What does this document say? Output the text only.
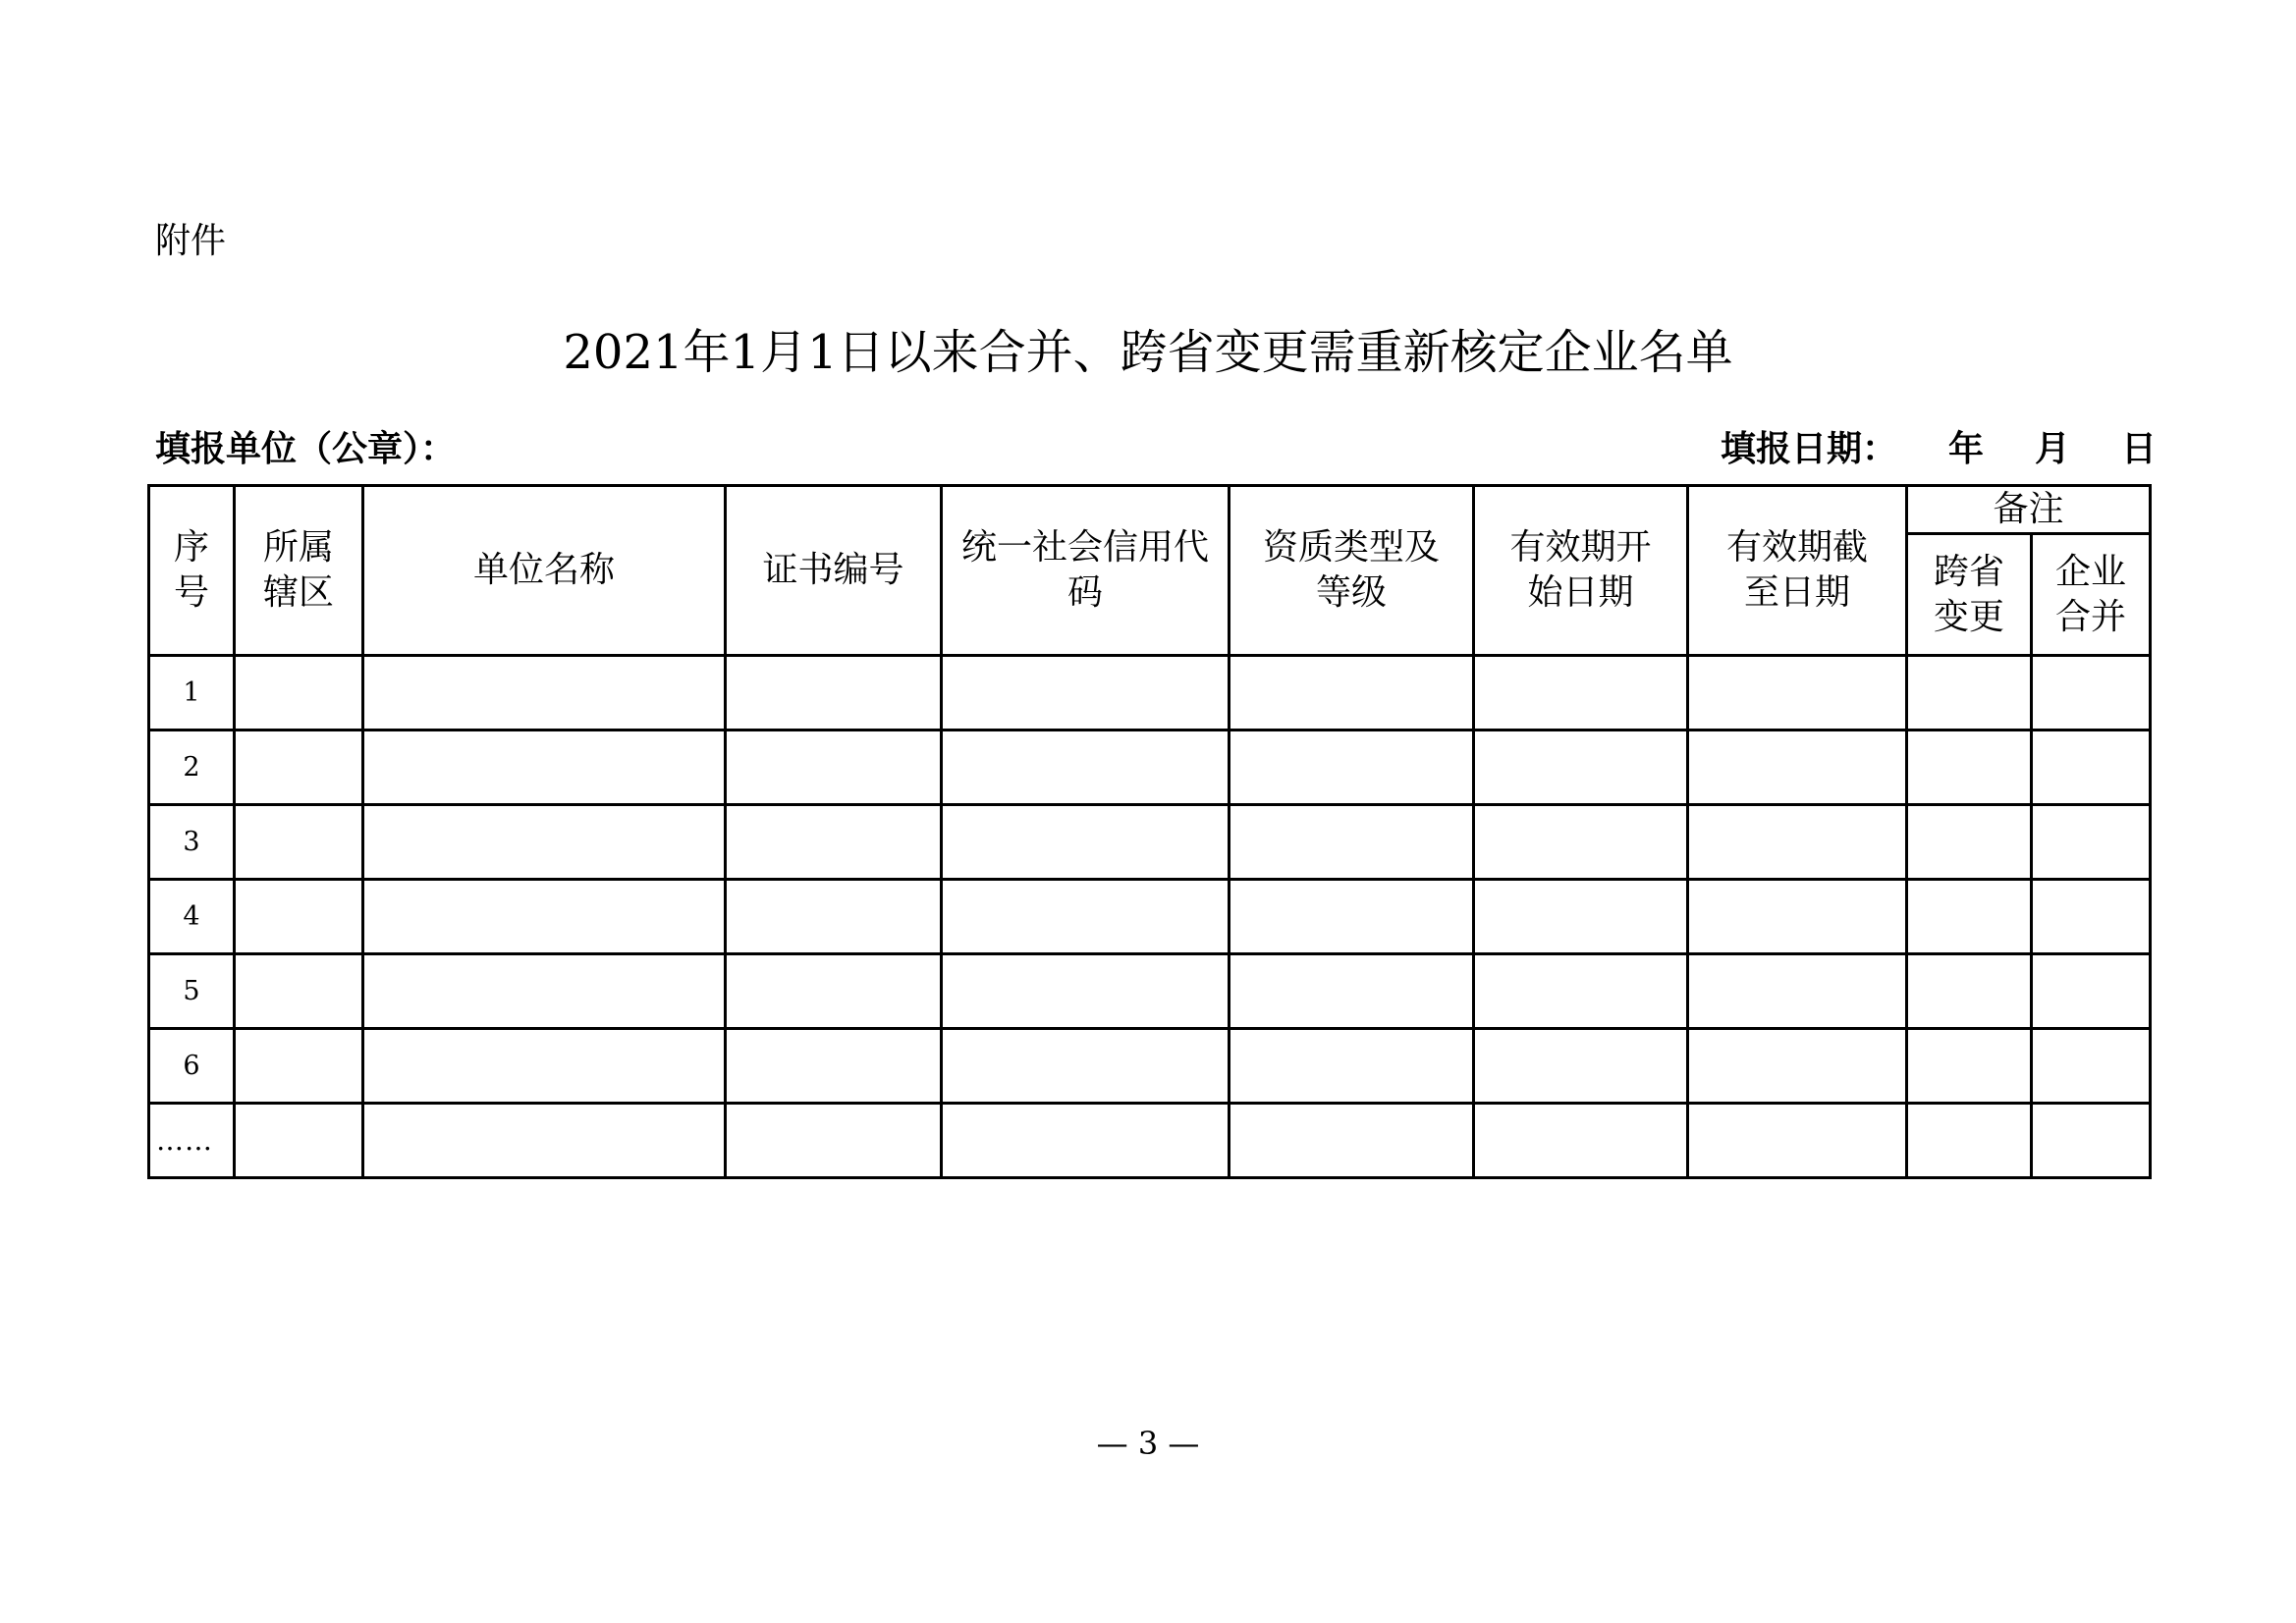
附件
2021年1月1日以来合并、跨省变更需重新核定企业名单
填报单位（公章）：	填报日期： 年 月 日
序号	所属辖区	单位名称	证书编号	统一社会信用代码	资质类型及等级	有效期开始日期	有效期截至日期	备注	

								跨省变更	企业合并

1									
2									
3									
4									
5									
6									
……									
— 3 —
